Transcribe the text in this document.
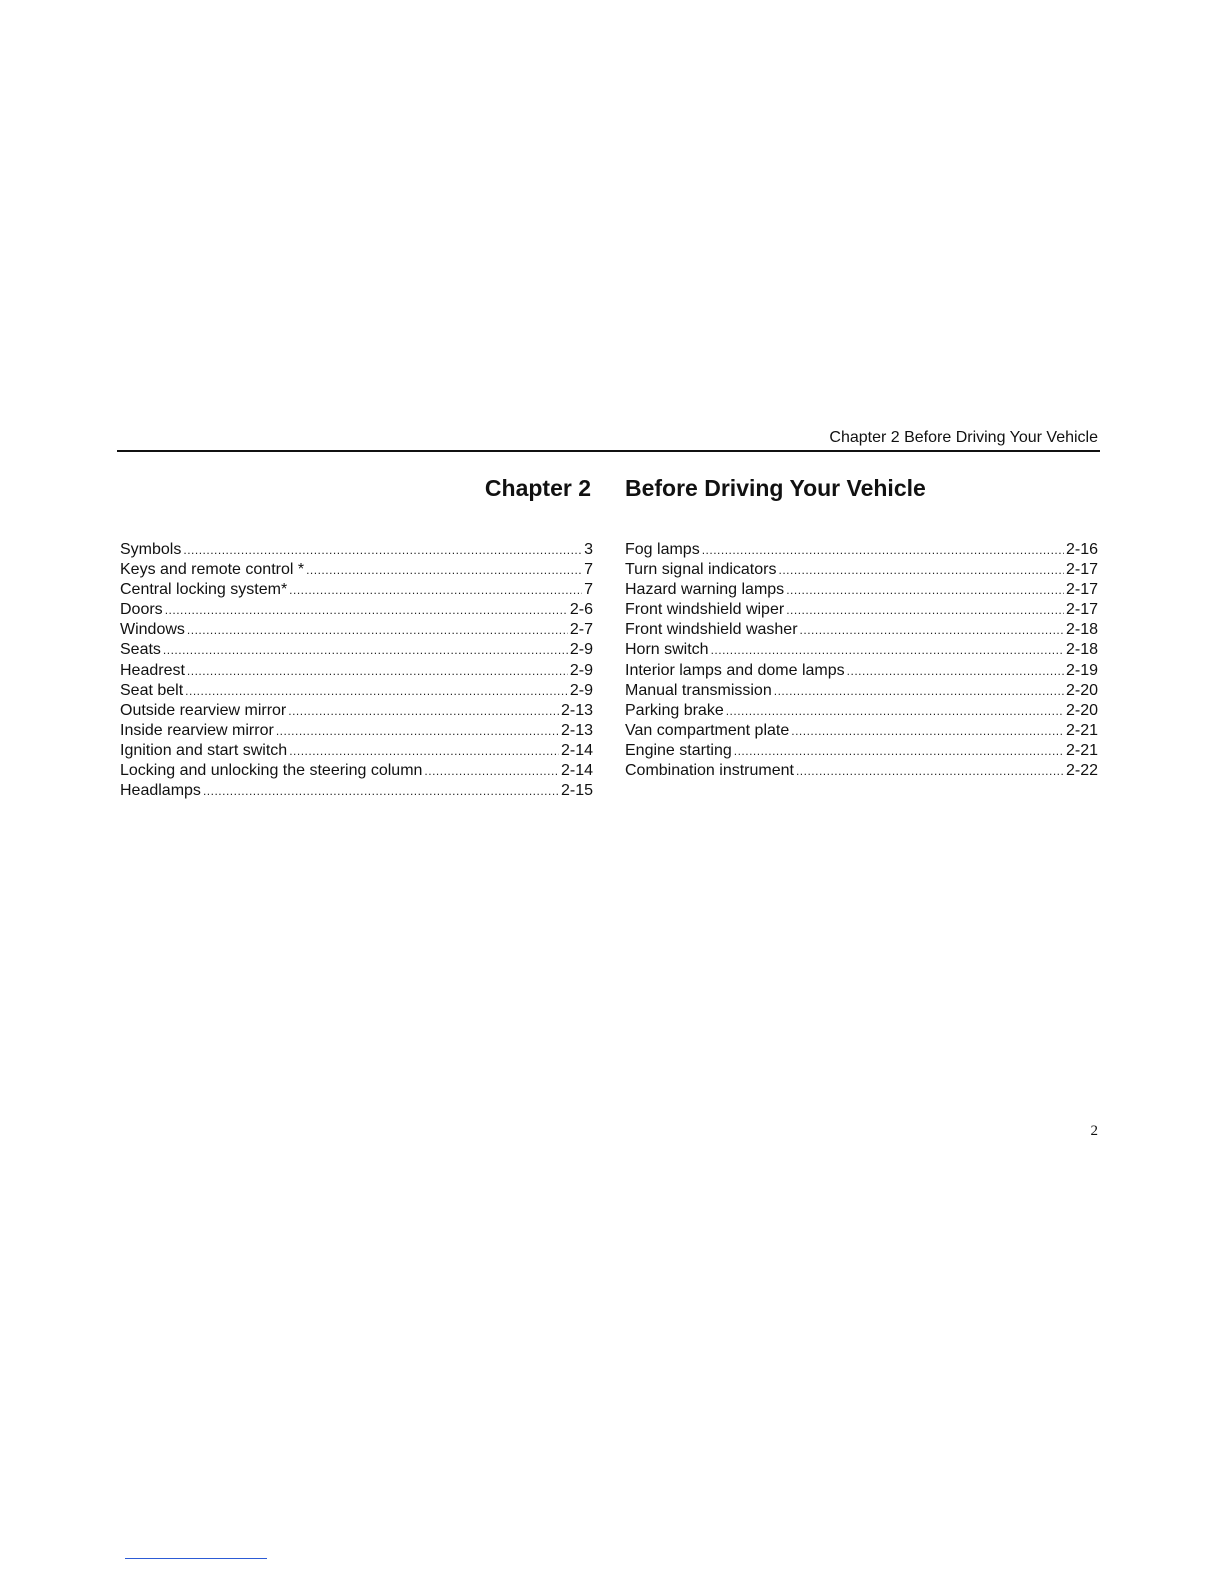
Chapter 2 Before Driving Your Vehicle
Chapter 2 Before Driving Your Vehicle
Symbols .....	3
Keys and remote control * .....	7
Central locking system* .....	7
Doors .....	2-6
Windows .....	2-7
Seats .....	2-9
Headrest .....	2-9
Seat belt .....	2-9
Outside rearview mirror .....	2-13
Inside rearview mirror .....	2-13
Ignition and start switch .....	2-14
Locking and unlocking the steering column .....	2-14
Headlamps .....	2-15
Fog lamps .....	2-16
Turn signal indicators .....	2-17
Hazard warning lamps .....	2-17
Front windshield wiper .....	2-17
Front windshield washer .....	2-18
Horn switch .....	2-18
Interior lamps and dome lamps .....	2-19
Manual transmission .....	2-20
Parking brake .....	2-20
Van compartment plate .....	2-21
Engine starting .....	2-21
Combination instrument .....	2-22
2
